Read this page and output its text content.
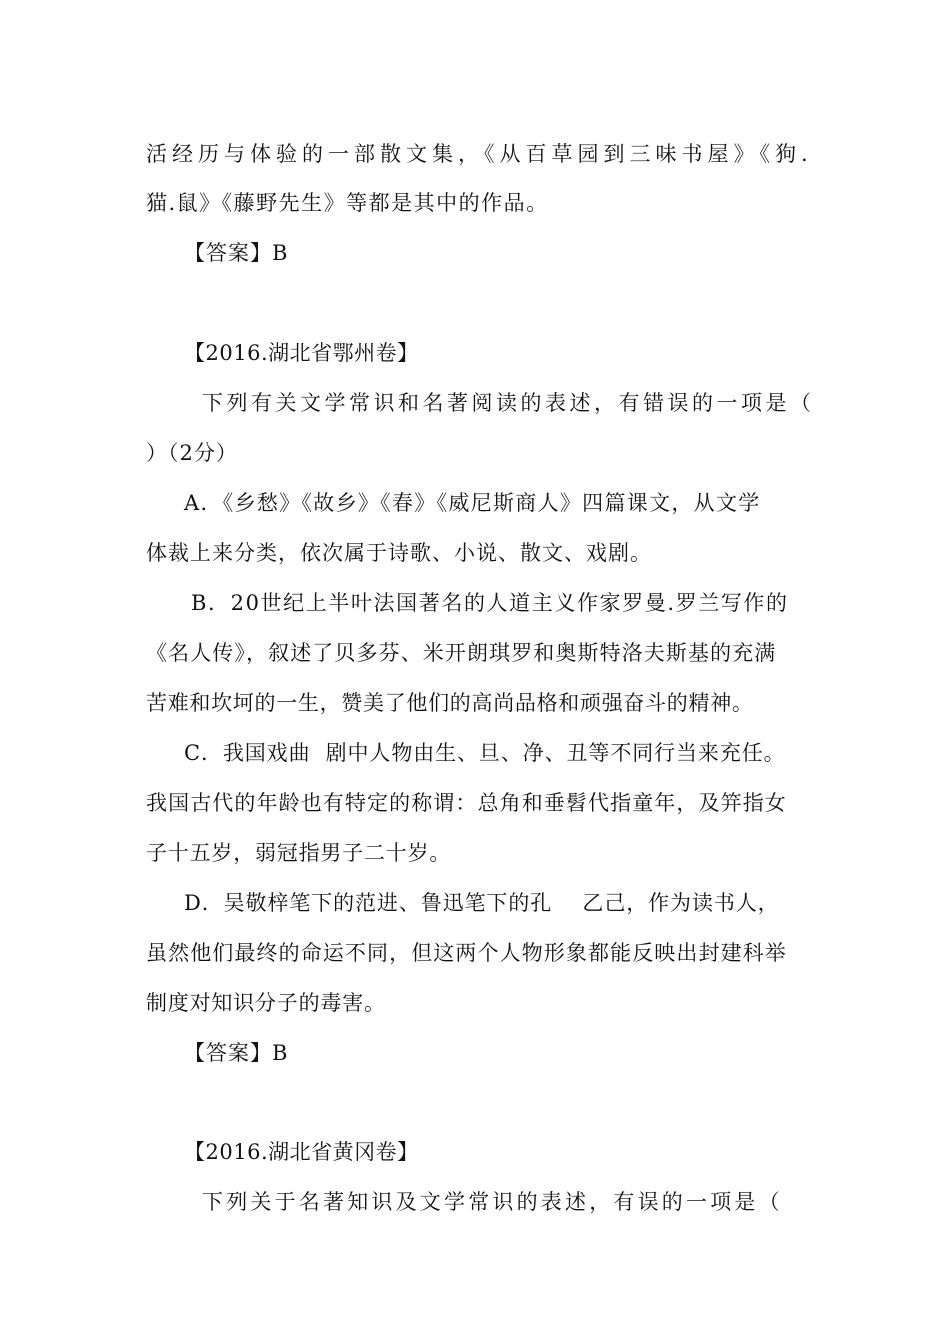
活经历与体验的一部散文集，《从百草园到三味书屋》《狗.
猫.鼠》《藤野先生》等都是其中的作品。
【答案】B
【2016.湖北省鄂州卷】
下列有关文学常识和名著阅读的表述，有错误的一项是（
）（2分）
A．《乡愁》《故乡》《春》《威尼斯商人》四篇课文，从文学
体裁上来分类，依次属于诗歌、小说、散文、戏剧。
B．20世纪上半叶法国著名的人道主义作家罗曼.罗兰写作的
《名人传》，叙述了贝多芬、米开朗琪罗和奥斯特洛夫斯基的充满
苦难和坎坷的一生，赞美了他们的高尚品格和顽强奋斗的精神。
C．我国戏曲  剧中人物由生、旦、净、丑等不同行当来充任。
我国古代的年龄也有特定的称谓：总角和垂髫代指童年，及笄指女
子十五岁，弱冠指男子二十岁。
D．吴敬梓笔下的范进、鲁迅笔下的孔    乙己，作为读书人，
虽然他们最终的命运不同，但这两个人物形象都能反映出封建科举
制度对知识分子的毒害。
【答案】B
【2016.湖北省黄冈卷】
下列关于名著知识及文学常识的表述，有误的一项是（
